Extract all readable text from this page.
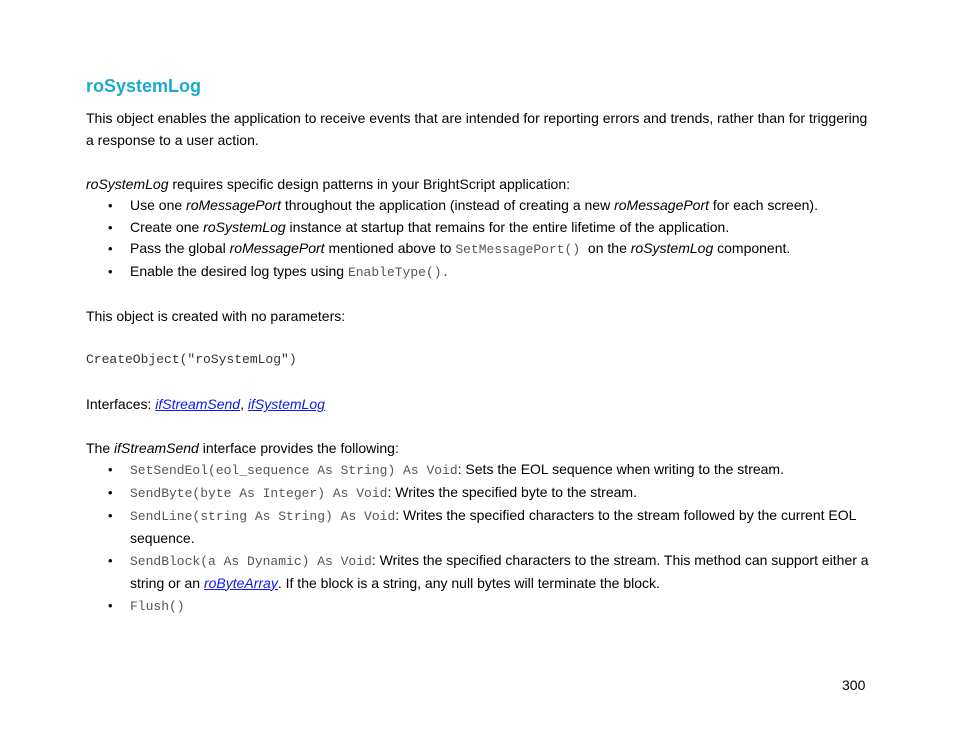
roSystemLog

This object enables the application to receive events that are intended for reporting errors and trends, rather than for triggering a response to a user action.

roSystemLog requires specific design patterns in your BrightScript application:

• Use one roMessagePort throughout the application (instead of creating a new roMessagePort for each screen).
• Create one roSystemLog instance at startup that remains for the entire lifetime of the application.
• Pass the global roMessagePort mentioned above to SetMessagePort()  on the roSystemLog component.
• Enable the desired log types using EnableType().

This object is created with no parameters:

CreateObject("roSystemLog")

Interfaces: ifStreamSend, ifSystemLog

The ifStreamSend interface provides the following:

• SetSendEol(eol_sequence As String) As Void: Sets the EOL sequence when writing to the stream.
• SendByte(byte As Integer) As Void: Writes the specified byte to the stream.
• SendLine(string As String) As Void: Writes the specified characters to the stream followed by the current EOL sequence.
• SendBlock(a As Dynamic) As Void: Writes the specified characters to the stream. This method can support either a string or an roByteArray. If the block is a string, any null bytes will terminate the block.
• Flush()
300
